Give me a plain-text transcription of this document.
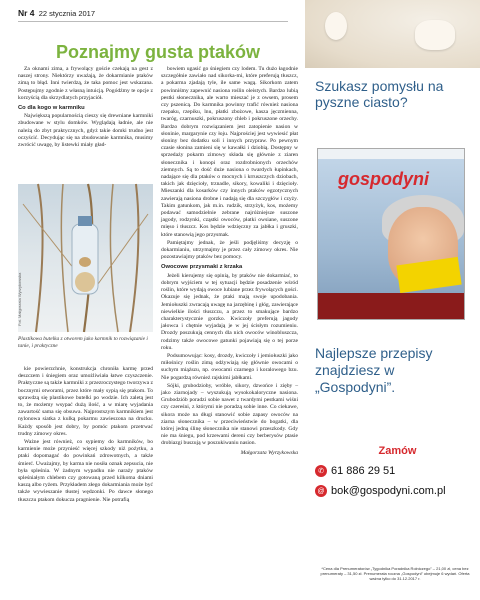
Nr 4 22 stycznia 2017
Poznajmy gusta ptaków

Za oknami zima, a frywolący goście czekają na gest z naszej strony. Niektórzy uważają, że dokarmianie ptaków zimą to błąd. Inni twierdzą, że taka pomoc jest wskazana. Postępujmy zgodnie z własną intuicją. Pogódźmy te opcje z korzyścią dla skrzydlatych przyjaciół.

Co dla kogo w karmniku

Największą popularnością cieszy się drewniane karmniki zbudowane w stylu domków. Wyglądają ładnie, ale nie należą do zbyt praktycznych, gdyż takie domki trudno jest oczyścić. Decydując się na zbudowanie karmnika, musimy zwrócić uwagę, by listewki miały gład-

Fot. Małgorzata Wyrzykowska
Plastikowa butelka z otworem jako karmnik to rozwiązanie i tanie, i praktyczne

kie powierzchnie, konstrukcja chroniła karmę przed deszczem i śniegiem oraz umożliwiała łatwe czyszczenie. Praktyczne są także karmniki z przezroczystego tworzywa z bocznymi otworami, przez które mały sypią się ptakom. To sprawdzą się plastikowe butelki po wodzie. Ich zaletą jest to, że możemy wsypać dużą ilość, a w miarę wyjadania zawartość sama się obsuwa. Najprostszym karmnikiem jest nylonowa siatka z kulką pokarmu zawieszona na drucku. Każdy sposób jest dobry, by pomóc ptakom przetrwać trudny zimowy okres.

Ważne jest również, co sypiemy do karmników, bo karmienie może przynieść więcej szkody niż pożytku, a ptaki dopomagać do powinkań zdrowotnych, a także śmierć. Uważajmy, by karma nie nosiła oznak zepsucia, nie była spleśnia. W żadnym wypadku nie naraży ptaków spleśniałym chlebem czy gotowaną przed kilkoma dniami kaszą albo ryżem. Przykładem złego dokarmiania może być także wywieszanie tłustej wędzonki. Po dawce słonego tłuszczu ptakom dokucza pragnienie. Nie potrafią

bowiem ugasić go śniegiem czy lodem. Tu dużo łagodnie szczegółnie zawiało nad sikorka-mi, które preferują tłuszcz, a pokarma zjadają tyle, ile same wagą. Sikorkom zatem powinniśmy zapewnić nasiona roślin oleistych. Bardzo lubią pestki słonecznika, ale warto mieszać je z owsem, prosem czy pszenicą. Do karmnika powinny trafić również nasiona rzepaku, rzepiku, lnu, płatki zbożowe, kasza jęczmienna, twaróg, czarnuszki, pokruszony chleb i pokruszone orzechy. Bardzo dobrym rozwiązaniem jest zatopienie nasion w słoninie, margarynie czy łoju. Najprościej jest wywiesić płat słoniny bez dodatku soli i innych przypraw. Po pewnym czasie słonina zamieni się w kawałki i dziobią. Dostępny w sprzedaży pokarm zimowy składa się głównie z ziaren słonecznika i konopi oraz rozdrobnionych orzechów ziemnych. Są to dość duże nasiona o twardych łupinkach, nadające się dla ptaków o mocnych i krruszczych dziobach, takich jak dzięcioły, trznadle, sikory, kowaliki i dzięcioły. Mieszanki dla kosarków czy innych ptaków egzotycznych zawierają nasiona drobne i nadają się dla szczygłów i czyży. Takim gatunkom, jak m.in. rudzik, strzyżyk, kos, możemy podawać samodzielnie zebrane najróżniejsze suszone jagody, rodzynki, cząstki owoców, płatki owsiane, suszone mięso i tłuszcz. Kos będzie wdzięczny za jabłka i gruszki, które stanowią jego przysmak.

Pamiętajmy jednak, że jeśli podjęliśmy decyzję o dokarmianiu, utrzymajmy je przez cały zimowy okres. Nie pozostawiajmy ptaków bez pomocy.

Owocowe przysmaki z krzaka

Jeżeli kierujemy się opinią, by ptaków nie dokarmiać, to dobrym wyjściem w tej sytuacji będzie posadzenie wśród roślin, które wydają owoce lubiane przez frywolących gości. Okazuje się jednak, że ptaki mają swoje upodobania. Jemiołuszki zwracają uwagę na jarzębinę i głóg, zawierające niewielkie ilości tłuszczu, a przez to smakujące bardzo charakterystycznie gorzko. Kwiczoły preferują jagody jałowca i chętnie wyjadają je w jej ścisłym rozumieniu. Drozdy poszukują cennych dla nich owoców winobluszcza, rodzimy także owocowe gatunki pojawiają się o tej porze roku.

Podsumowując: kosy, drozdy, kwiczoły i jemiołuszki jako miłośnicy roślin zimą odżywiają się głównie owocami o suchym miąższu, np. owocami czarnego i koralowego bzu. Nie pogardzą również rajskimi jabłkami.

Sójki, grubodzioby, wróble, sikory, dzwońce i zięby – jako ziarnojady – wyszukują wysokokaloryczne nasiona. Grubodziób poradzi sobie nawet z twardymi pestkami wiśni czy czereśni, z którymi nie poradzą sobie inne. Co ciekawe, sikora może na długi stanowić sobie zapasy owoców na ziarna słonecznika – w przeciwieństwie do bogatki, dla której jedną ślinę słonecznika nie stanowi przeszkody. Gdy nie ma śniegu, pod krzewami dereni czy berberysów ptasie drobiazgi buszują w poszukiwaniu nasion.

Małgorzata Wyrzykowska
Szukasz pomysłu na pyszne ciasto?
gospodyni
Najlepsze przepisy znajdziesz w „Gospodyni”.
Zamów
✆ 61 886 29 51
@ bok@gospodyni.com.pl
*Cena dla Prenumeratorów „Tygodnika Poradnika Rolniczego” – 21,00 zł, cena bez prenumeraty – 31,50 zł. Prenumerata roczna „Gospodyni” obejmuje 6 wydań. Oferta ważna tylko do 31.12.2017 r.
